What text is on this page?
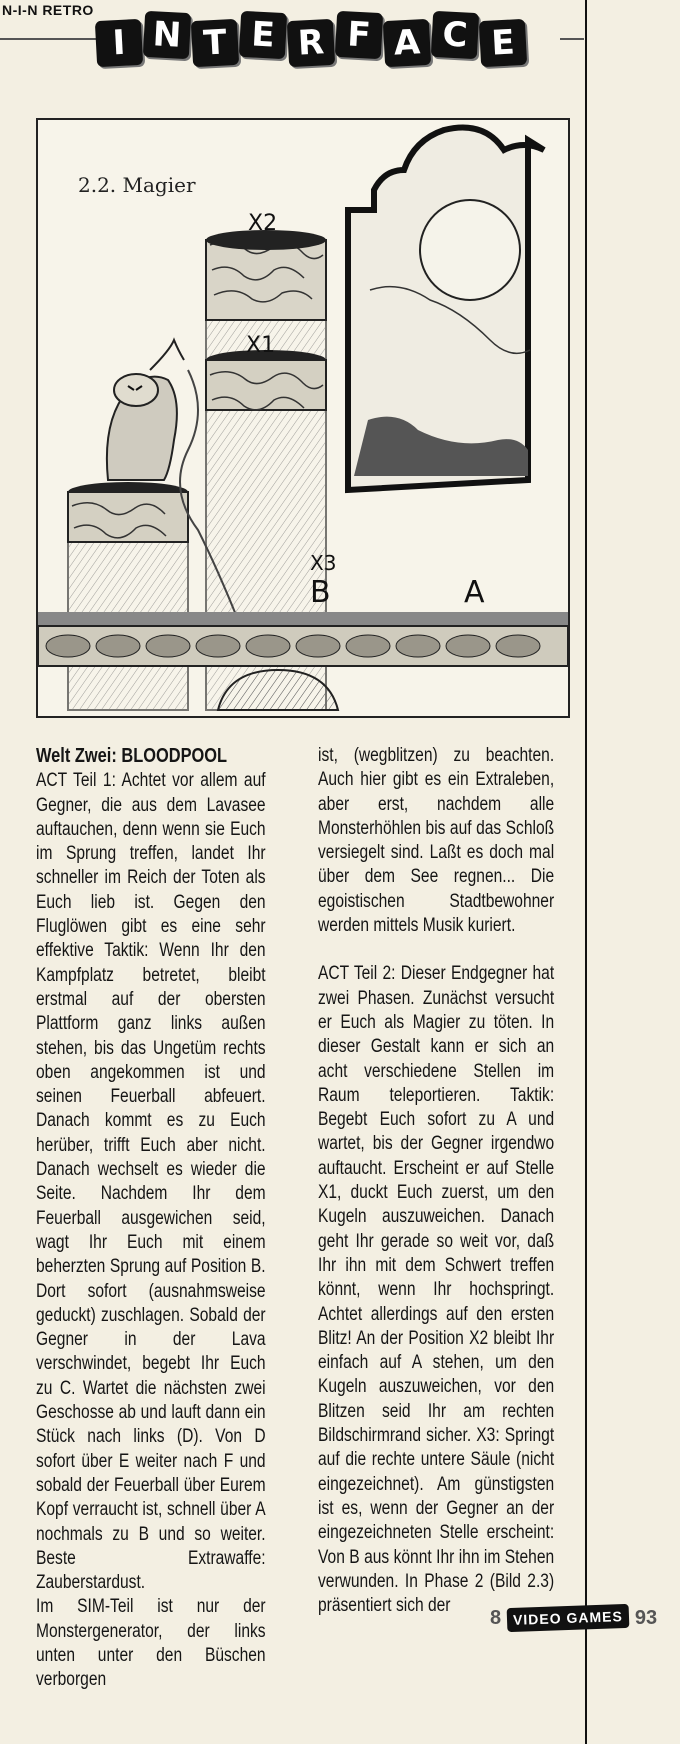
N-I-N RETRO
I N T E R F A C E
2.2. Magier
X2
X1
X3
B	A

Welt Zwei: BLOODPOOL

ACT Teil 1: Achtet vor allem auf Gegner, die aus dem Lavasee auftauchen, denn wenn sie Euch im Sprung treffen, landet Ihr schneller im Reich der Toten als Euch lieb ist. Gegen den Fluglöwen gibt es eine sehr effektive Taktik: Wenn Ihr den Kampfplatz betretet, bleibt erstmal auf der obersten Plattform ganz links außen stehen, bis das Ungetüm rechts oben angekommen ist und seinen Feuerball abfeuert. Danach kommt es zu Euch herüber, trifft Euch aber nicht. Danach wechselt es wieder die Seite. Nachdem Ihr dem Feuerball ausgewichen seid, wagt Ihr Euch mit einem beherzten Sprung auf Position B. Dort sofort (ausnahmsweise geduckt) zuschlagen. Sobald der Gegner in der Lava verschwindet, begebt Ihr Euch zu C. Wartet die nächsten zwei Geschosse ab und lauft dann ein Stück nach links (D). Von D sofort über E weiter nach F und sobald der Feuerball über Eurem Kopf verraucht ist, schnell über A nochmals zu B und so weiter. Beste Extrawaffe: Zauberstardust.

Im SIM-Teil ist nur der Monstergenerator, der links unten unter den Büschen verborgen

ist, (wegblitzen) zu beachten. Auch hier gibt es ein Extraleben, aber erst, nachdem alle Monsterhöhlen bis auf das Schloß versiegelt sind. Laßt es doch mal über dem See regnen... Die egoistischen Stadtbewohner werden mittels Musik kuriert.

ACT Teil 2: Dieser Endgegner hat zwei Phasen. Zunächst versucht er Euch als Magier zu töten. In dieser Gestalt kann er sich an acht verschiedene Stellen im Raum teleportieren. Taktik: Begebt Euch sofort zu A und wartet, bis der Gegner irgendwo auftaucht. Erscheint er auf Stelle X1, duckt Euch zuerst, um den Kugeln auszuweichen. Danach geht Ihr gerade so weit vor, daß Ihr ihn mit dem Schwert treffen könnt, wenn Ihr hochspringt. Achtet allerdings auf den ersten Blitz! An der Position X2 bleibt Ihr einfach auf A stehen, um den Kugeln auszuweichen, vor den Blitzen seid Ihr am rechten Bildschirmrand sicher. X3: Springt auf die rechte untere Säule (nicht eingezeichnet). Am günstigsten ist es, wenn der Gegner an der eingezeichneten Stelle erscheint: Von B aus könnt Ihr ihn im Stehen verwunden. In Phase 2 (Bild 2.3) präsentiert sich der

8 VIDEO GAMES 93
